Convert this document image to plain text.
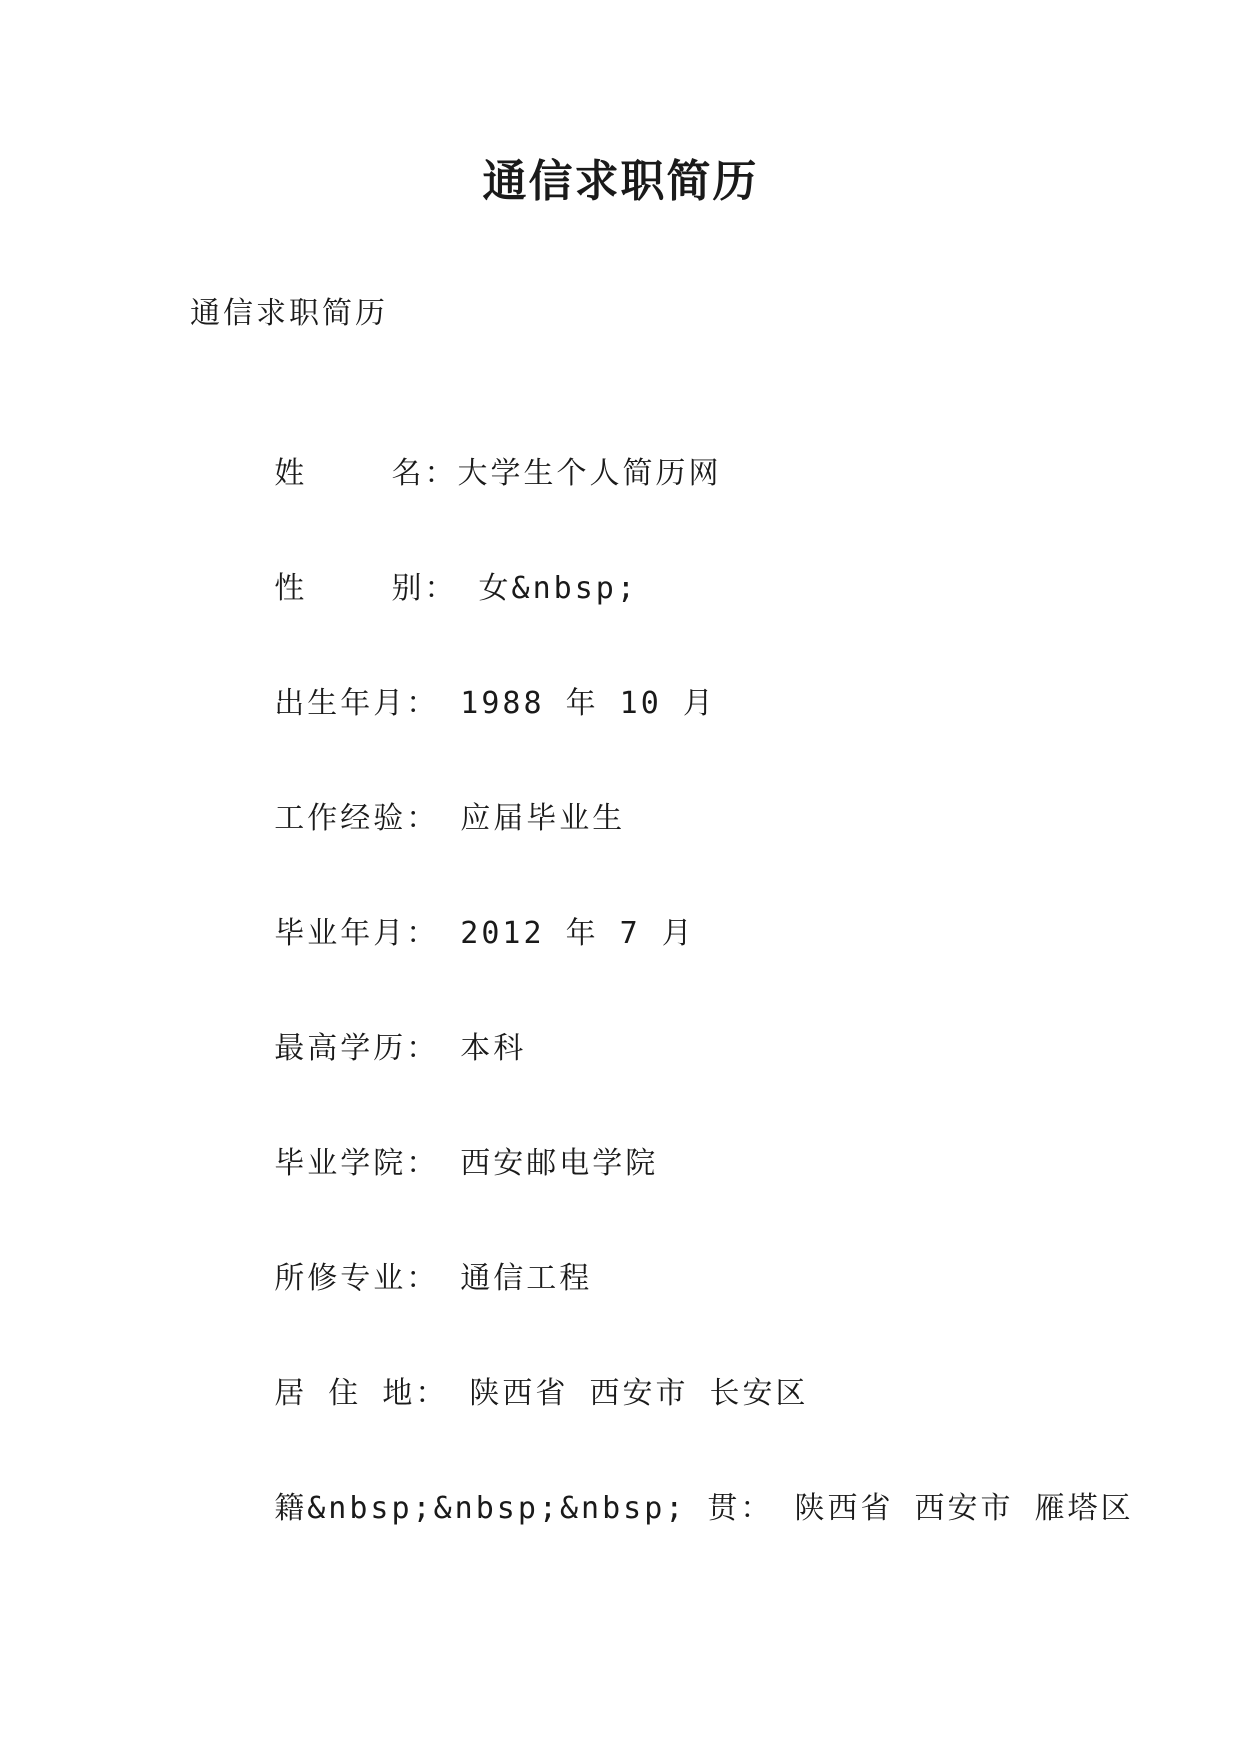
通信求职简历
通信求职简历

姓    名：大学生个人简历网

性    别： 女&nbsp;

出生年月： 1988 年 10 月

工作经验： 应届毕业生

毕业年月： 2012 年 7 月

最高学历： 本科

毕业学院： 西安邮电学院

所修专业： 通信工程

居 住 地： 陕西省 西安市 长安区

籍&nbsp;&nbsp;&nbsp; 贯： 陕西省 西安市 雁塔区
